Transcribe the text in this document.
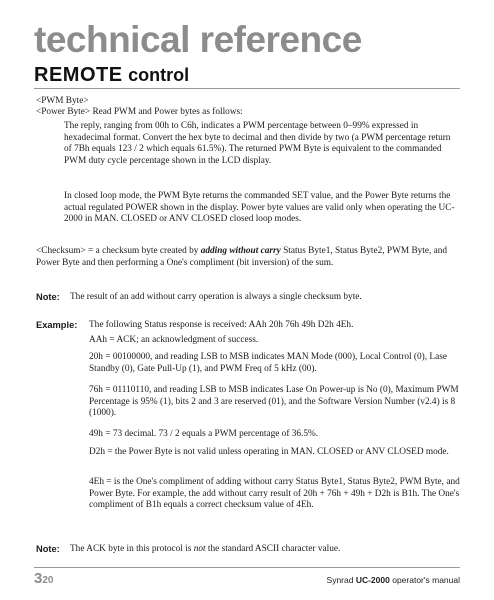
technical reference
REMOTE control

<PWM Byte>

<Power Byte> Read PWM and Power bytes as follows:

The reply, ranging from 00h to C6h, indicates a PWM percentage between 0–99% expressed in hexadecimal format. Convert the hex byte to decimal and then divide by two (a PWM percentage return of 7Bh equals 123 / 2 which equals 61.5%). The returned PWM Byte is equivalent to the commanded PWM duty cycle percentage shown in the LCD display.

In closed loop mode, the PWM Byte returns the commanded SET value, and the Power Byte returns the actual regulated POWER shown in the display. Power byte values are valid only when operating the UC-2000 in MAN. CLOSED or ANV CLOSED closed loop modes.

<Checksum> = a checksum byte created by adding without carry Status Byte1, Status Byte2, PWM Byte, and Power Byte and then performing a One's compliment (bit inversion) of the sum.

Note: The result of an add without carry operation is always a single checksum byte.

Example: The following Status response is received: AAh 20h 76h 49h D2h 4Eh.

AAh = ACK; an acknowledgment of success.

20h = 00100000, and reading LSB to MSB indicates MAN Mode (000), Local Control (0), Lase Standby (0), Gate Pull-Up (1), and PWM Freq of 5 kHz (00).

76h = 01110110, and reading LSB to MSB indicates Lase On Power-up is No (0), Maximum PWM Percentage is 95% (1), bits 2 and 3 are reserved (01), and the Software Version Number (v2.4) is 8 (1000).

49h = 73 decimal. 73 / 2 equals a PWM percentage of 36.5%.

D2h = the Power Byte is not valid unless operating in MAN. CLOSED or ANV CLOSED mode.

4Eh = is the One's compliment of adding without carry Status Byte1, Status Byte2, PWM Byte, and Power Byte. For example, the add without carry result of 20h + 76h + 49h + D2h is B1h. The One's compliment of B1h equals a correct checksum value of 4Eh.

Note: The ACK byte in this protocol is not the standard ASCII character value.

320	Synrad UC-2000 operator's manual
